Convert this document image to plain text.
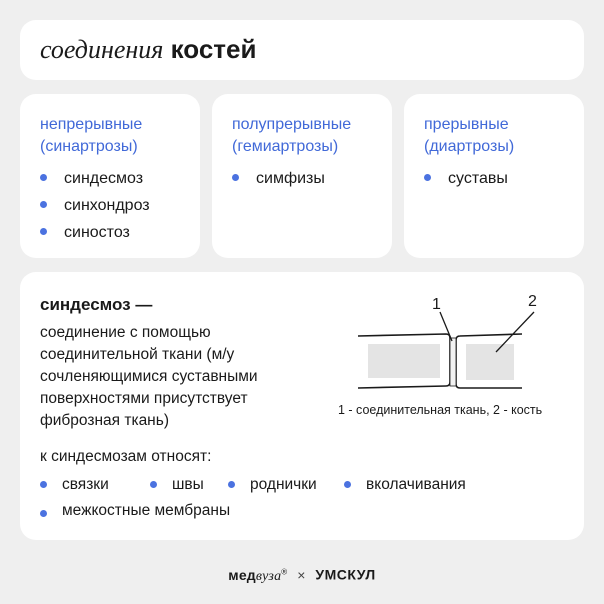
соединения костей
непрерывные
(синартрозы)
синдесмоз
синхондроз
синостоз
полупрерывные
(гемиартрозы)
симфизы
прерывные
(диартрозы)
суставы
синдесмоз —
соединение с помощью
соединительной ткани (м/у
сочленяющимися суставными
поверхностями присутствует
фиброзная ткань)
1	2
1 - соединительная ткань, 2 - кость
к синдесмозам относят:
связки	швы	роднички	вколачивания
межкостные мембраны
медвуза® × УМСКУЛ
